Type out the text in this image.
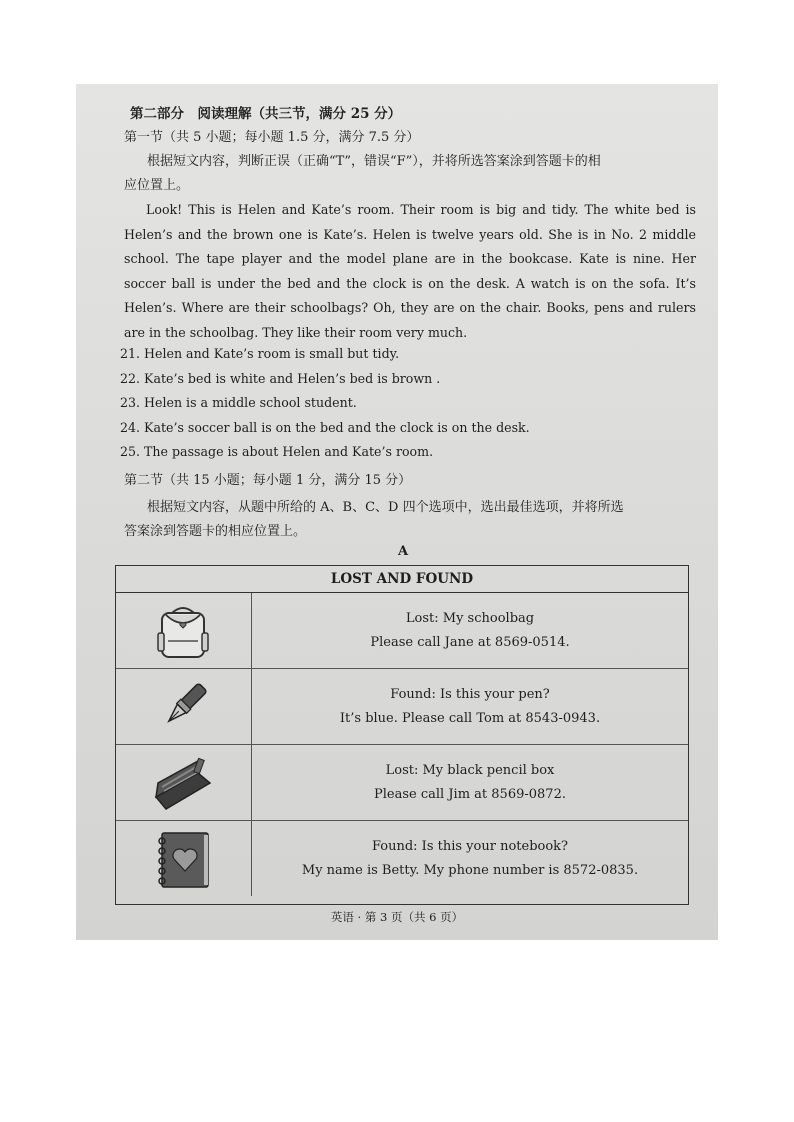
第二部分　阅读理解（共三节，满分 25 分）
第一节（共 5 小题；每小题 1.5 分，满分 7.5 分）
根据短文内容，判断正误（正确“T”，错误“F”），并将所选答案涂到答题卡的相
应位置上。
Look! This is Helen and Kate’s room. Their room is big and tidy. The white bed is Helen’s and the brown one is Kate’s. Helen is twelve years old. She is in No. 2 middle school. The tape player and the model plane are in the bookcase. Kate is nine. Her soccer ball is under the bed and the clock is on the desk. A watch is on the sofa. It’s Helen’s. Where are their schoolbags? Oh, they are on the chair. Books, pens and rulers are in the schoolbag. They like their room very much.
21. Helen and Kate’s room is small but tidy.
22. Kate’s bed is white and Helen’s bed is brown .
23. Helen is a middle school student.
24. Kate’s soccer ball is on the bed and the clock is on the desk.
25. The passage is about Helen and Kate’s room.
第二节（共 15 小题；每小题 1 分，满分 15 分）
根据短文内容，从题中所给的 A、B、C、D 四个选项中，选出最佳选项，并将所选
答案涂到答题卡的相应位置上。
A
LOST AND FOUND
Lost: My schoolbag
Please call Jane at 8569-0514.
Found: Is this your pen?
It’s blue. Please call Tom at 8543-0943.
Lost: My black pencil box
Please call Jim at 8569-0872.
Found: Is this your notebook?
My name is Betty. My phone number is 8572-0835.
英语 · 第 3 页（共 6 页）
